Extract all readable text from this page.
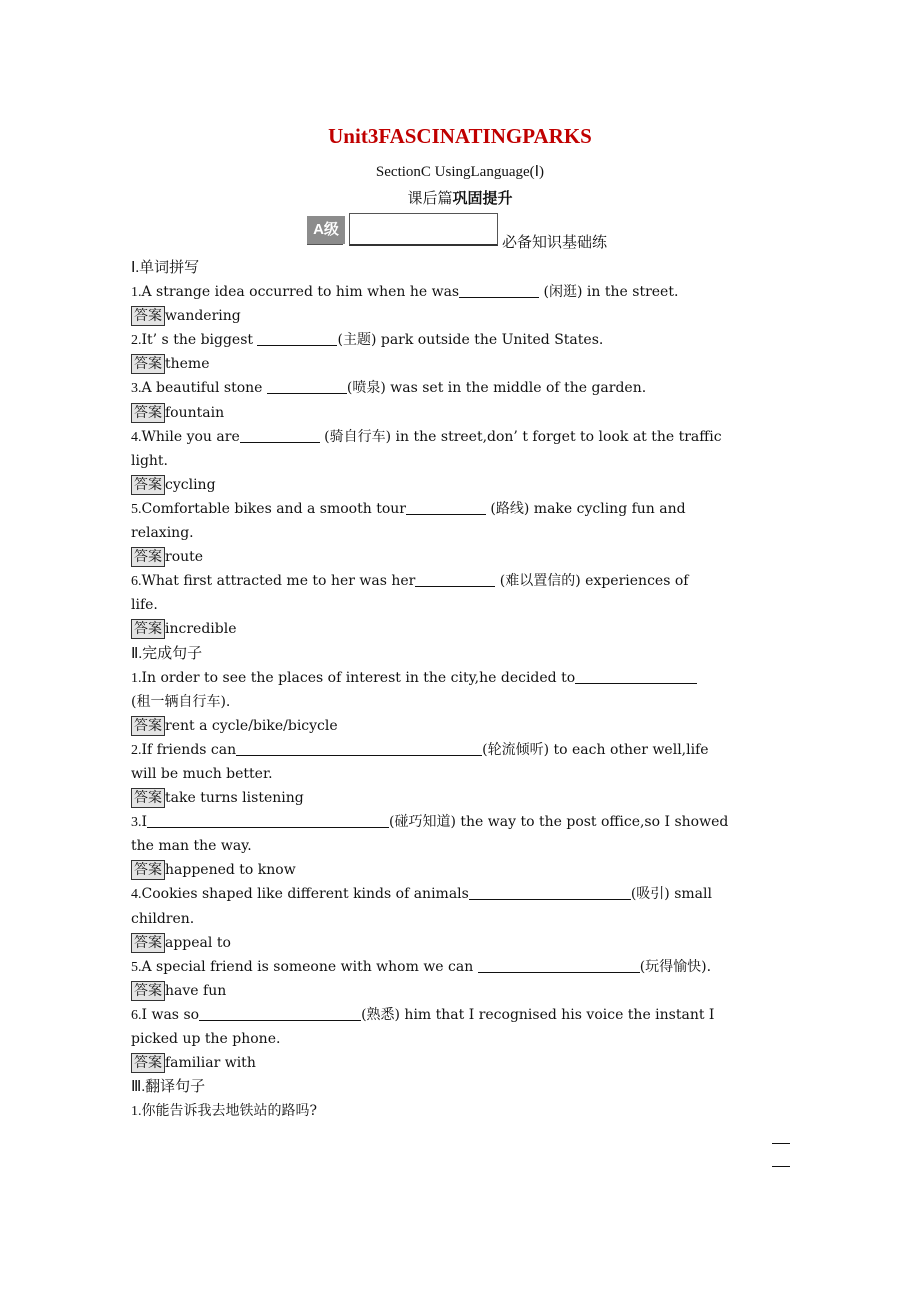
Unit3FASCINATINGPARKS
SectionC UsingLanguage(Ⅰ)
课后篇巩固提升
A级
必备知识基础练
Ⅰ.单词拼写
1.A strange idea occurred to him when he was	(闲逛) in the street.
答案 wandering
2.It’ s the biggest	(主题) park outside the United States.
答案 theme
3.A beautiful stone	(喷泉) was set in the middle of the garden.
答案 fountain
4.While you are	(骑自行车) in the street,don’ t forget to look at the traffic
light.
答案 cycling
5.Comfortable bikes and a smooth tour	(路线) make cycling fun and
relaxing.
答案 route
6.What first attracted me to her was her	(难以置信的) experiences of
life.
答案 incredible
Ⅱ.完成句子
1.In order to see the places of interest in the city,he decided to
(租一辆自行车).
答案 rent a cycle/bike/bicycle
2.If friends can	(轮流倾听) to each other well,life
will be much better.
答案 take turns listening
3.I	(碰巧知道) the way to the post office,so I showed
the man the way.
答案 happened to know
4.Cookies shaped like different kinds of animals	(吸引) small
children.
答案 appeal to
5.A special friend is someone with whom we can	(玩得愉快).
答案 have fun
6.I was so	(熟悉) him that I recognised his voice the instant I
picked up the phone.
答案 familiar with
Ⅲ.翻译句子
1.你能告诉我去地铁站的路吗?
